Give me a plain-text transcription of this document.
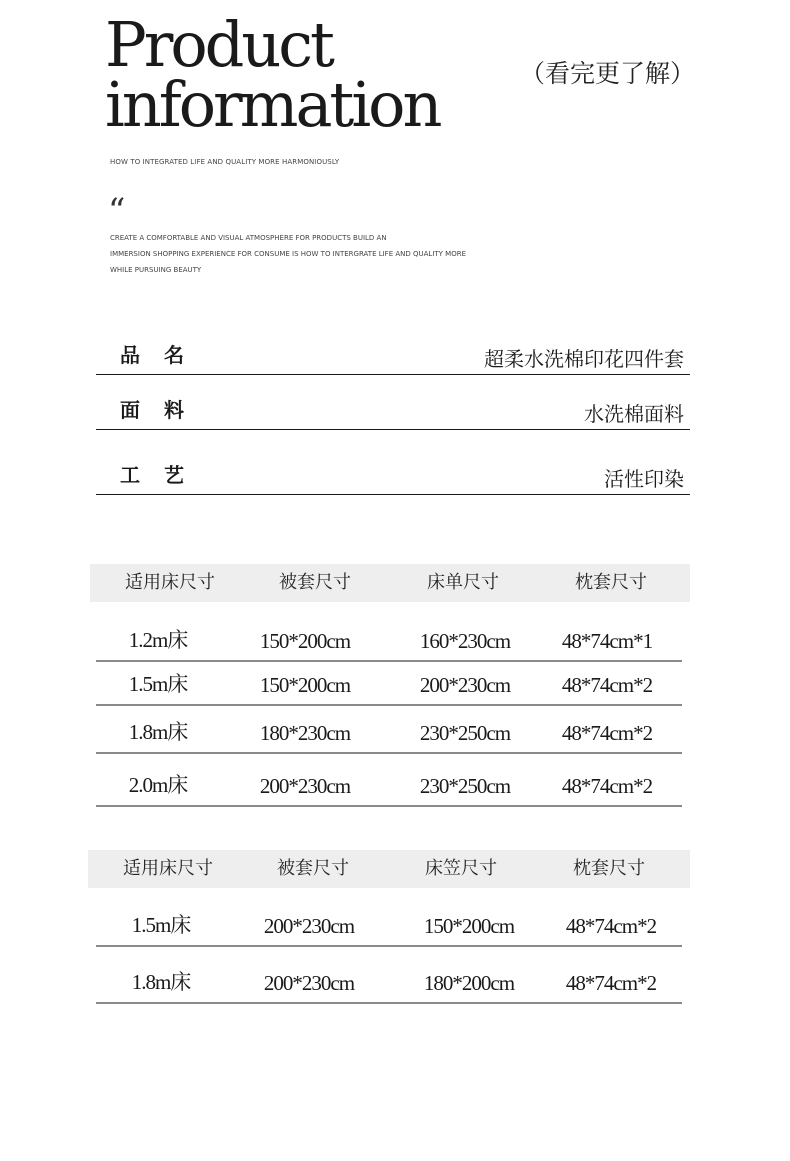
Product
information	（看完更了解）
HOW TO INTEGRATED LIFE AND QUALITY MORE HARMONIOUSLY
“
CREATE A COMFORTABLE AND VISUAL ATMOSPHERE FOR PRODUCTS BUILD AN
IMMERSION SHOPPING EXPERIENCE FOR CONSUME IS HOW TO INTERGRATE LIFE AND QUALITY MORE
WHILE PURSUING BEAUTY
品名	超柔水洗棉印花四件套
面料	水洗棉面料
工艺	活性印染
适用床尺寸	被套尺寸	床单尺寸	枕套尺寸
1.2m床	150*200cm	160*230cm	48*74cm*1
1.5m床	150*200cm	200*230cm	48*74cm*2
1.8m床	180*230cm	230*250cm	48*74cm*2
2.0m床	200*230cm	230*250cm	48*74cm*2
适用床尺寸	被套尺寸	床笠尺寸	枕套尺寸
1.5m床	200*230cm	150*200cm	48*74cm*2
1.8m床	200*230cm	180*200cm	48*74cm*2
